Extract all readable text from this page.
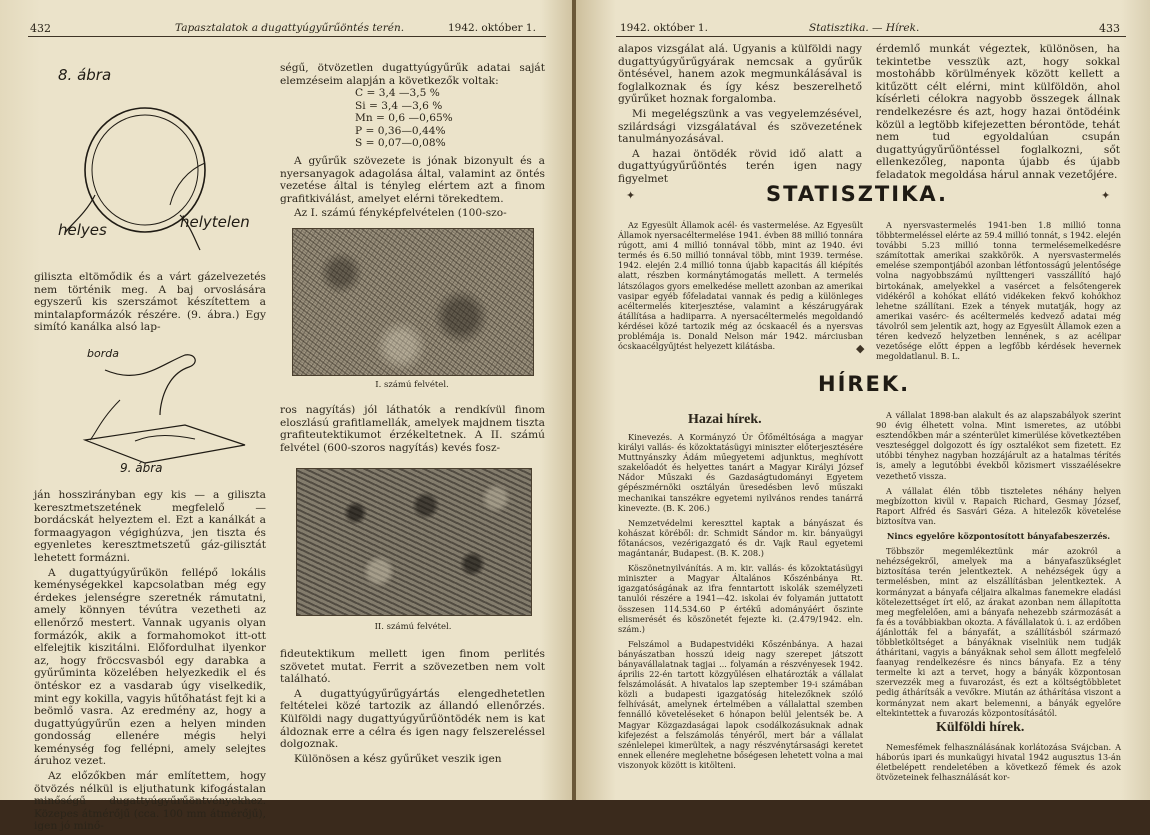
432	Tapasztalatok a dugattyúgyűrűöntés terén.	1942. október 1.
8. ábra
helyes	helytelen

giliszta eltömődik és a várt gázelvezetés nem történik meg. A baj orvoslására egyszerű kis szerszámot készítettem a mintalapformázók részére. (9. ábra.) Egy simító kanálka alsó lap-

borda
9. ábra

ján hosszirányban egy kis — a giliszta keresztmetszetének megfelelő — bordácskát helyeztem el. Ezt a kanálkát a formaagyagon végighúzva, jen tiszta és egyenletes keresztmetszetű gáz-gilisztát lehetett formázni.

A dugattyúgyűrűkön fellépő lokális keménységekkel kapcsolatban még egy érdekes jelenségre szeretnék rámutatni, amely könnyen tévútra vezetheti az ellenőrző mestert. Vannak ugyanis olyan formázók, akik a formahomokot itt-ott elfelejtik kiszitálni. Előfordulhat ilyenkor az, hogy fröccsvasból egy darabka a gyűrűminta közelében helyezkedik el és öntéskor ez a vasdarab úgy viselkedik, mint egy kokilla, vagyis hűtőhatást fejt ki a beömlő vasra. Az eredmény az, hogy a dugattyúgyűrűn ezen a helyen minden gondosság ellenére mégis helyi keménység fog fellépni, amely selejtes áruhoz vezet.

Az előzőkben már említettem, hogy ötvözés nélkül is eljuthatunk kifogástalan minőségű dugattyúgyűrűöntvényekhez. Közepes átmérőjű (cca. 100 mm átmérőjű), igen jó minő-

ségű, ötvözetlen dugattyúgyűrűk adatai saját elemzéseim alapján a következők voltak:

C = 3,4 —3,5 %
Si = 3,4 —3,6 %
Mn = 0,6 —0,65%
P = 0,36—0,44%
S = 0,07—0,08%

A gyűrűk szövezete is jónak bizonyult és a nyersanyagok adagolása által, valamint az öntés vezetése által is tényleg elértem azt a finom grafitkiválást, amelyet elérni törekedtem.

Az I. számú fényképfelvételen (100-szo-

I. számú felvétel.

ros nagyítás) jól láthatók a rendkívül finom eloszlású grafitlamellák, amelyek majdnem tiszta grafiteutektikumot érzékeltetnek. A II. számú felvétel (600-szoros nagyítás) kevés fosz-

II. számú felvétel.

fideutektikum mellett igen finom perlités szövetet mutat. Ferrit a szövezetben nem volt található.

A dugattyúgyűrűgyártás elengedhetetlen feltételei közé tartozik az állandó ellenőrzés. Külföldi nagy dugattyúgyűrűöntödék nem is kat áldoznak erre a célra és igen nagy felszereléssel dolgoznak.

Különösen a kész gyűrűket veszik igen

1942. október 1.	Statisztika. — Hírek.	433

alapos vizsgálat alá. Ugyanis a külföldi nagy dugattyúgyűrűgyárak nemcsak a gyűrűk öntésével, hanem azok megmunkálásával is foglalkoznak és így kész beszerelhető gyűrűket hoznak forgalomba.

Mi megelégszünk a vas vegyelemzésével, szilárdsági vizsgálatával és szövezetének tanulmányozásával.

A hazai öntödék rövid idő alatt a dugattyúgyűrűöntés terén igen nagy figyelmet

érdemlő munkát végeztek, különösen, ha tekintetbe vesszük azt, hogy sokkal mostohább körülmények között kellett a kitűzött célt elérni, mint külföldön, ahol kísérleti célokra nagyobb összegek állnak rendelkezésre és azt, hogy hazai öntödéink közül a legtöbb kifejezetten bérontöde, tehát nem tud egyoldalúan csupán dugattyúgyűrűöntéssel foglalkozni, sőt ellenkezőleg, naponta újabb és újabb feladatok megoldása hárul annak vezetőjére.

✦	STATISZTIKA.	✦

Az Egyesült Államok acél- és vastermelése. Az Egyesült Államok nyersacéltermelése 1941. évben 88 millió tonnára rúgott, ami 4 millió tonnával több, mint az 1940. évi termés és 6.50 millió tonnával több, mint 1939. termése. 1942. elején 2.4 millió tonna újabb kapacitás áll kiépítés alatt, részben kormánytámogatás mellett. A termelés látszólagos gyors emelkedése mellett azonban az amerikai vasipar egyéb főfeladatai vannak és pedig a különleges acéltermelés kiterjesztése, valamint a készárugyárak átállítása a hadiiparra. A nyersacéltermelés megoldandó kérdései közé tartozik még az ócskaacél és a nyersvas problémája is. Donald Nelson már 1942. márciusban ócskaacélgyűjtést helyezett kilátásba.

A nyersvastermelés 1941-ben 1.8 millió tonna többtermeléssel elérte az 59.4 millió tonnát, s 1942. elején további 5.23 millió tonna termelésemelkedésre számítottak amerikai szakkörök. A nyersvastermelés emelése szempontjából azonban létfontosságú jelentősége volna nagyobbszámú nyílttengeri vasszállító hajó birtokának, amelyekkel a vasércet a felsőtengerek vidékéről a kohókat ellátó vidékeken fekvő kohókhoz lehetne szállítani. Ezek a tények mutatják, hogy az amerikai vasérc- és acéltermelés kedvező adatai még távolról sem jelentik azt, hogy az Egyesült Államok ezen a téren kedvező helyzetben lennének, s az acélipar vezetősége előtt éppen a legfőbb kérdések hevernek megoldatlanul. B. L.

◆
HÍREK.
Hazai hírek.

Kinevezés. A Kormányzó Úr Őfőméltósága a magyar királyi vallás- és közoktatásügyi miniszter előterjesztésére Muttnyánszky Ádám műegyetemi adjunktus, meghívott szakelőadót és helyettes tanárt a Magyar Királyi József Nádor Műszaki és Gazdaságtudományi Egyetem gépészmérnöki osztályán üresedésben levő műszaki mechanikai tanszékre egyetemi nyilvános rendes tanárrá kinevezte. (B. K. 206.)

Nemzetvédelmi kereszttel kaptak a bányászat és kohászat köréből: dr. Schmidt Sándor m. kir. bányaügyi főtanácsos, vezérigazgató és dr. Vajk Raul egyetemi magántanár, Budapest. (B. K. 208.)

Köszönetnyilvánítás. A m. kir. vallás- és közoktatásügyi miniszter a Magyar Általános Kőszénbánya Rt. igazgatóságának az ifra fenntartott iskolák személyzeti tanulói részére a 1941—42. iskolai év folyamán juttatott összesen 114.534.60 P értékű adományáért őszinte elismerését és köszönetét fejezte ki. (2.479/1942. eln. szám.)

Felszámol a Budapestvidéki Kőszénbánya. A hazai bányászatban hosszú ideig nagy szerepet játszott bányavállalatnak tagjai ... folyamán a részvényesek 1942. április 22-én tartott közgyűlésen elhatározták a vállalat felszámolását. A hivatalos lap szeptember 19-i számában közli a budapesti igazgatóság hitelezőknek szóló felhívását, amelynek értelmében a vállalattal szemben fennálló követeléseket 6 hónapon belül jelentsék be. A Magyar Közgazdaságai lapok csodálkozásuknak adnak kifejezést a felszámolás tényéről, mert bár a vállalat szénlelepei kimerültek, a nagy részvénytársasági keretet ennek ellenére meglehetne bőségesen lehetett volna a mai viszonyok között is kitölteni.

A vállalat 1898-ban alakult és az alapszabályok szerint 90 évig élhetett volna. Mint ismeretes, az utóbbi esztendőkben már a szénterület kimerülése következtében veszteséggel dolgozott és így osztalékot sem fizetett. Ez utóbbi tényhez nagyban hozzájárult az a hatalmas térítés is, amely a legutóbbi évekből közismert visszaélésekre vezethető vissza.

A vállalat élén több tiszteletes néhány helyen megbízotton kivül v. Rapaich Richard, Gesmay József, Raport Alfréd és Sasvári Géza. A hitelezők követelése biztosítva van.

Nincs egyelőre központosított bányafabeszerzés.

Többször megemlékeztünk már azokról a nehézségekről, amelyek ma a bányafaszükséglet biztosítása terén jelentkeztek. A nehézségek úgy a termelésben, mint az elszállításban jelentkeztek. A kormányzat a bányafa céljaira alkalmas fanemekre eladási kötelezettséget írt elő, az árakat azonban nem állapította meg megfelelően, ami a bányafa nehezebb szármozását a fa és a továbbiakban okozta. A fávállalatok ú. i. az erdőben ájánlották fel a bányafát, a szállításból származó többletköltséget a bányáknak viselniük nem tudják átháritani, vagyis a bányáknak sehol sem állott megfelelő faanyag rendelkezésre és nincs bányafa. Ez a tény termelte ki azt a tervet, hogy a bányák központosan szervezzék meg a fuvarozást, és ezt a költségtöbbletet pedig áthárítsák a vevőkre. Miután az áthárítása viszont a kormányzat nem akart belemenni, a bányák egyelőre eltekintettek a fuvarozás központosításától.

Külföldi hírek.

Nemesfémek felhasználásának korlátozása Svájcban. A háborús ipari és munkaügyi hivatal 1942 augusztus 13-án életbelépett rendeletében a következő fémek és azok ötvözeteinek felhasználását kor-
